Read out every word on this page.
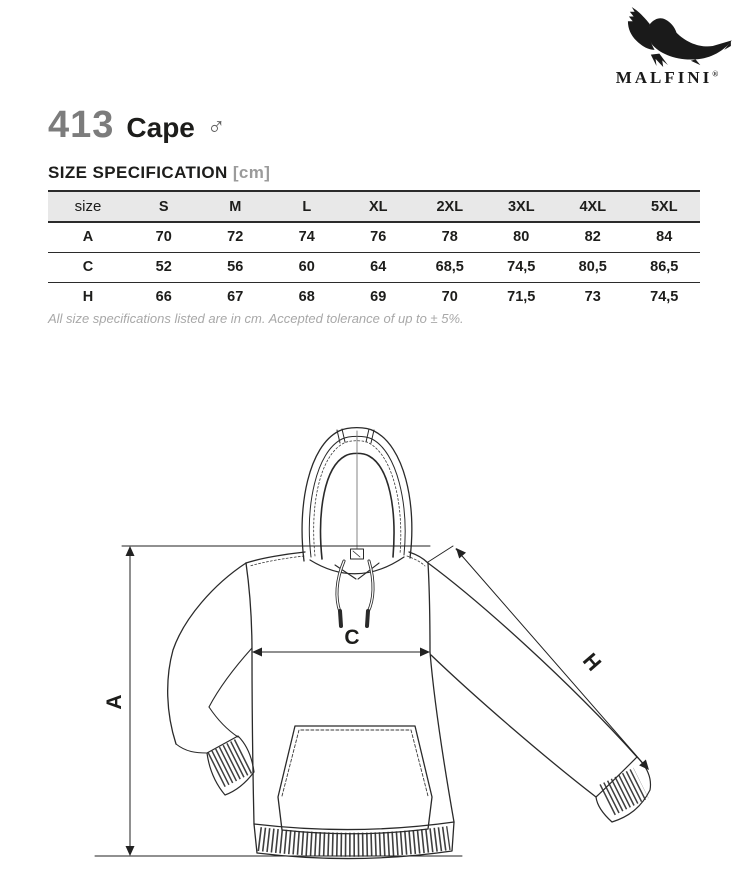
MALFINI®
413 Cape ♂
SIZE SPECIFICATION [cm]
size	S	M	L	XL	2XL	3XL	4XL	5XL
A	70	72	74	76	78	80	82	84
C	52	56	60	64	68,5	74,5	80,5	86,5
H	66	67	68	69	70	71,5	73	74,5
All size specifications listed are in cm. Accepted tolerance of up to ± 5%.
A
C
H
